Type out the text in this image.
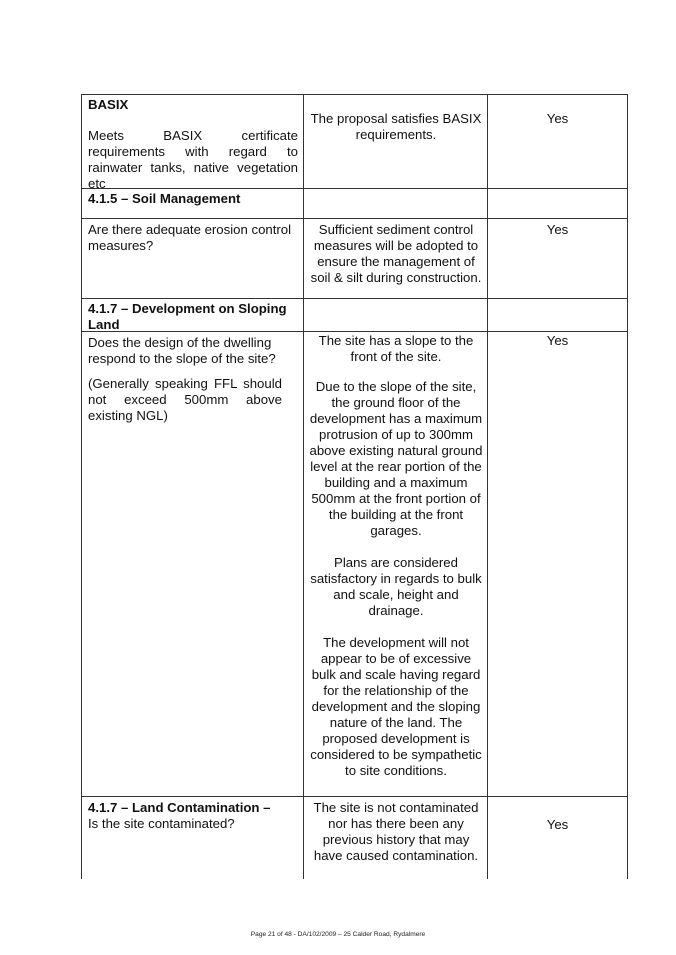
BASIX
Meets BASIX certificate requirements with regard to rainwater tanks, native vegetation etc
The proposal satisfies BASIX requirements.
Yes
4.1.5 – Soil Management
Are there adequate erosion control measures?
Sufficient sediment control measures will be adopted to ensure the management of soil & silt during construction.
Yes
4.1.7 – Development on Sloping Land
Does the design of the dwelling respond to the slope of the site?
(Generally speaking FFL should not exceed 500mm above existing NGL)
The site has a slope to the front of the site.
Due to the slope of the site, the ground floor of the development has a maximum protrusion of up to 300mm above existing natural ground level at the rear portion of the building and a maximum 500mm at the front portion of the building at the front garages.
Plans are considered satisfactory in regards to bulk and scale, height and drainage.
The development will not appear to be of excessive bulk and scale having regard for the relationship of the development and the sloping nature of the land. The proposed development is considered to be sympathetic to site conditions.
Yes
4.1.7 – Land Contamination –
Is the site contaminated?
The site is not contaminated nor has there been any previous history that may have caused contamination.
Yes
Page 21 of 48 - DA/102/2009 – 25 Calder Road, Rydalmere
